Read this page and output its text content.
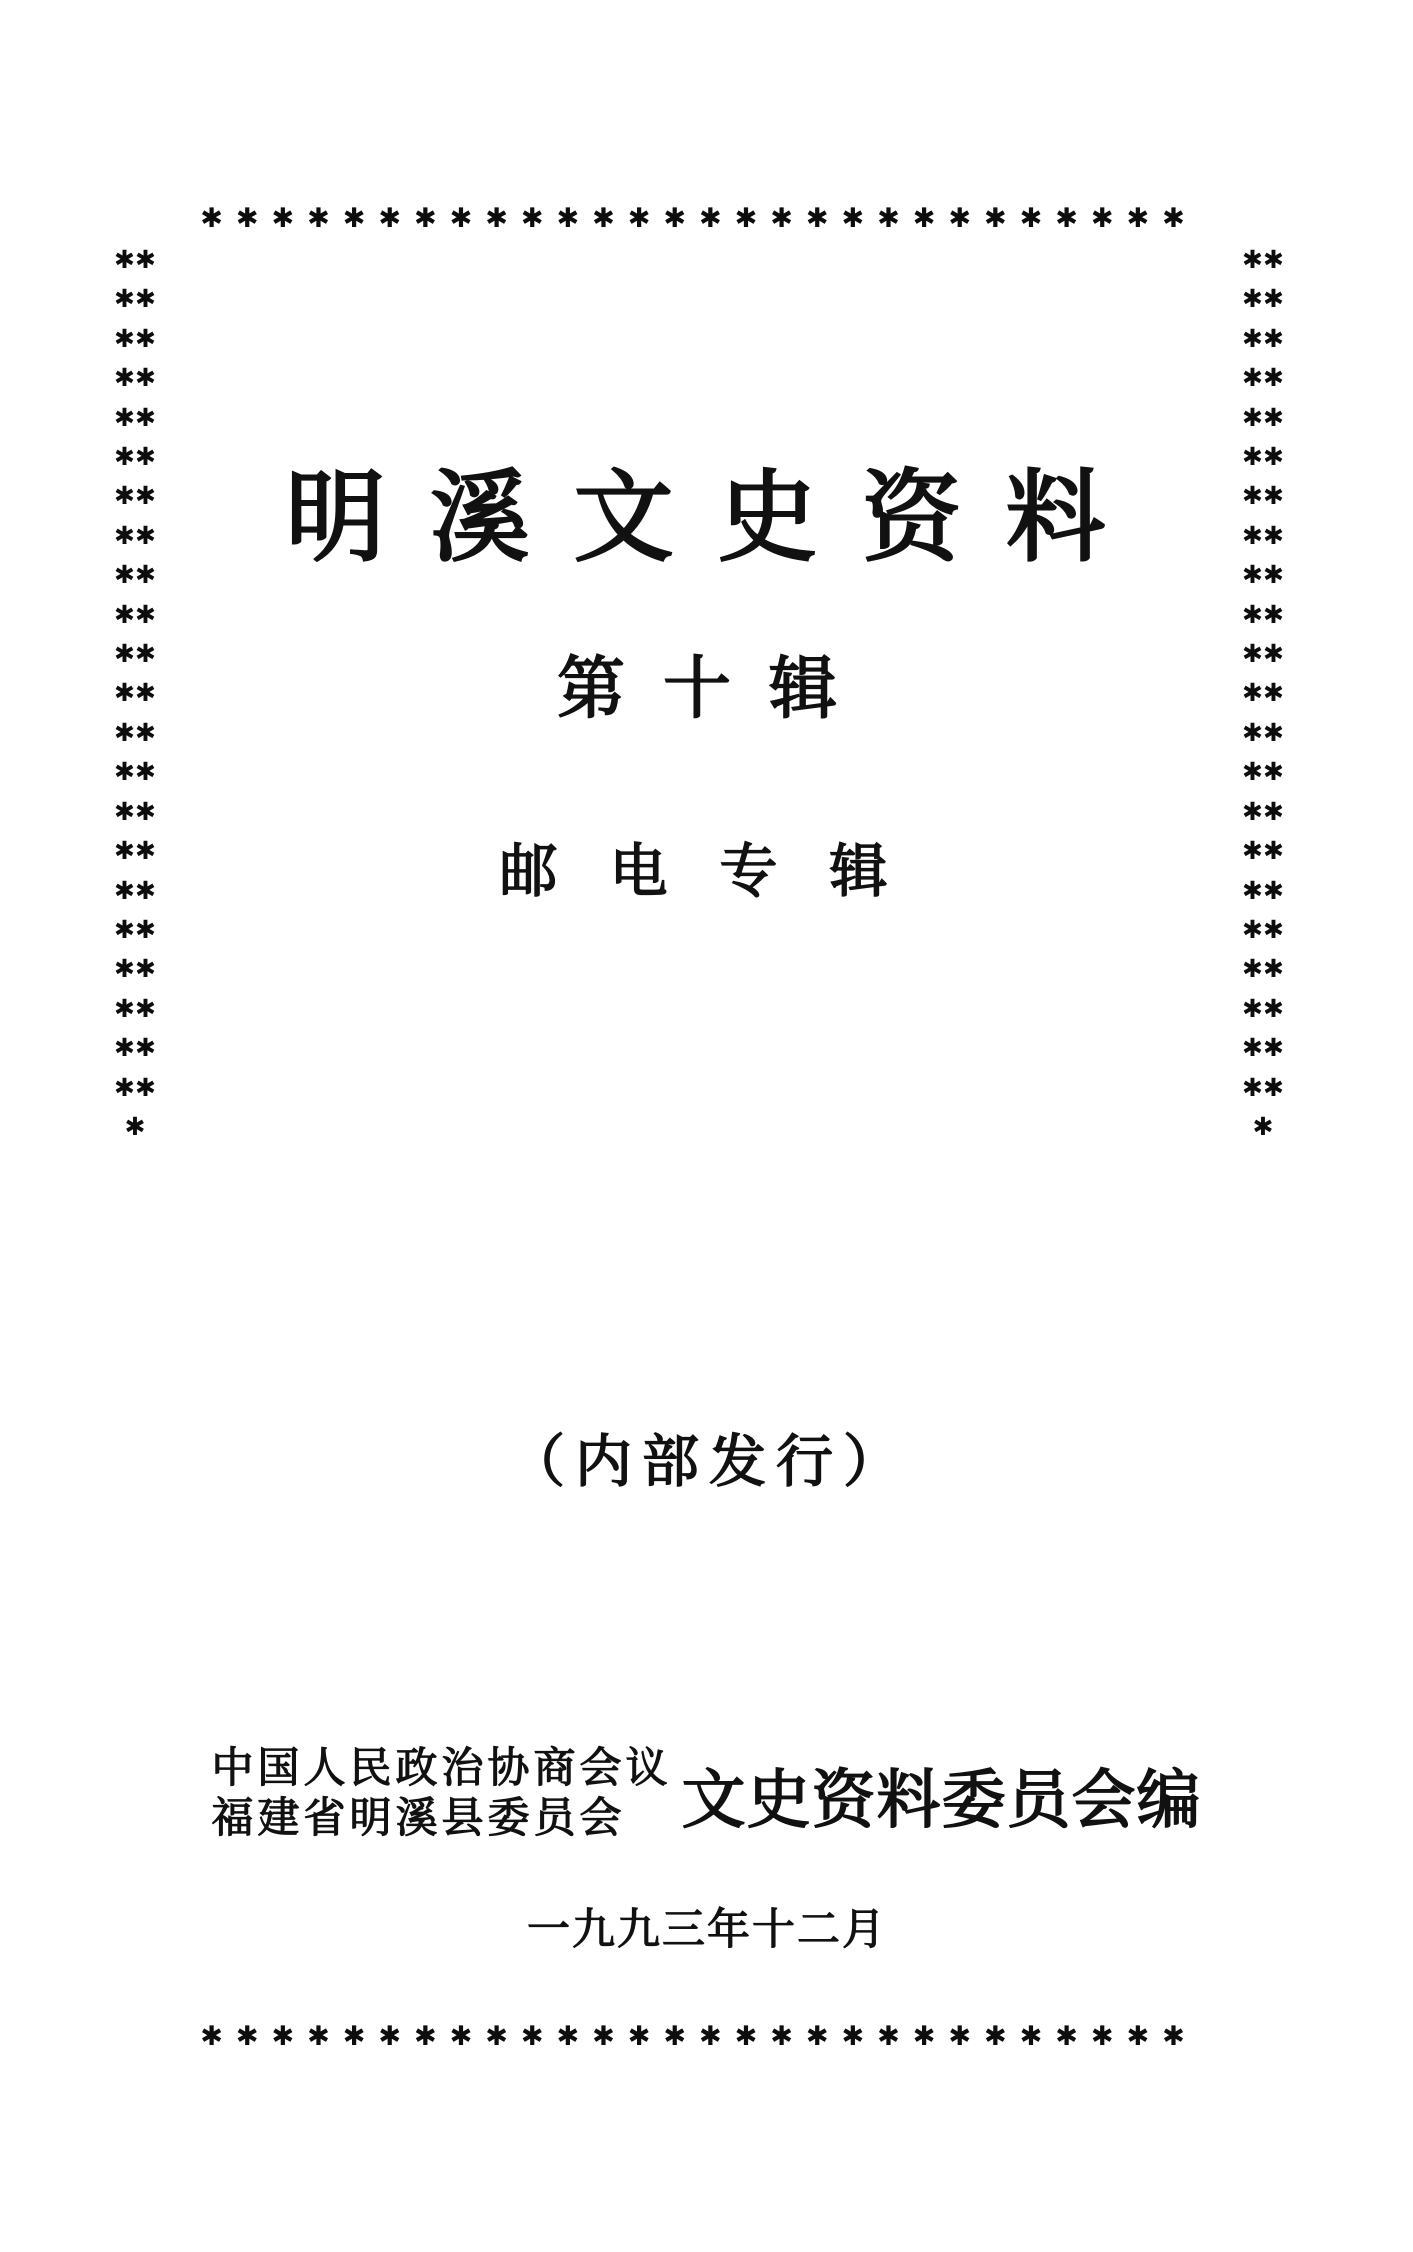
✱✱✱✱✱✱✱✱✱✱✱✱✱✱✱✱✱✱✱✱✱✱✱✱✱✱✱✱
✱✱✱✱✱✱✱✱✱✱✱✱✱✱✱✱✱✱✱✱✱✱✱✱✱✱✱✱
✱✱✱✱✱✱✱✱✱✱✱✱✱✱✱✱✱✱✱✱✱✱✱✱✱✱✱✱✱✱✱✱✱✱✱✱✱✱✱✱✱✱✱✱✱
✱✱✱✱✱✱✱✱✱✱✱✱✱✱✱✱✱✱✱✱✱✱✱✱✱✱✱✱✱✱✱✱✱✱✱✱✱✱✱✱✱✱✱✱✱
明溪文史资料
第十辑
邮电专辑
（内部发行）
中国人民政治协商会议
福建省明溪县委员会 文史资料委员会编
一九九三年十二月
